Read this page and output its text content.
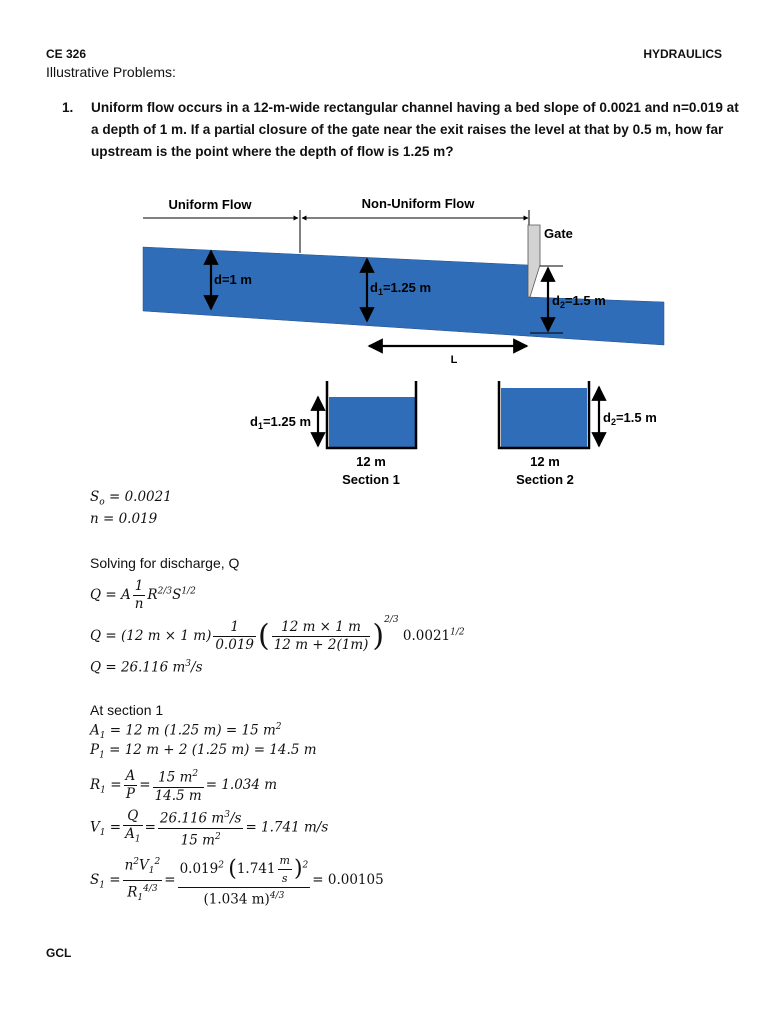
CE 326	HYDRAULICS
Illustrative Problems:
1. Uniform flow occurs in a 12-m-wide rectangular channel having a bed slope of 0.0021 and n=0.019 at
a depth of 1 m. If a partial closure of the gate near the exit raises the level at that by 0.5 m, how far
upstream is the point where the depth of flow is 1.25 m?
Uniform Flow	Non-Uniform Flow
Gate
d=1 m
$d_1=1.25$ m
$d_2=1.5$ m
L
$d_1=1.25$ m
12 m
Section 1
$d_2=1.5$ m
12 m
Section 2
$S_o = 0.0021$
n = 0.019
Solving for discharge, Q
Q = A $\frac{1}{n} R^{2/3}S^{1/2}$
Q = (12 m × 1 $m) \frac{1}{0.019}$ ( $\frac{12 m \times 1 m}{12 m + 2(1m)} )^{2/3}$ $0.0021^{1/2}$
Q = 26.116 $m^3/s$
At section 1
$A_1 = 12$ m (1.25 m) = 15 $m^2$
$P_1 = 12$ m + 2 (1.25 m) = 14.5 m
$R_1 = \frac{A}{P} = \frac{15 m^2}{14.5 m} = 1.034$ m
$V_1 = \frac{Q}{A_1} = \frac{26.116 m^3/s}{15 m^2} = 1.741$ m/s
$S_1 = \frac{n^2V_1^2}{R_1^{4/3}} = \frac{0.019^2 (1.741 \frac{m}{s} )^2}{(1.034 m)^{4/3}} = 0.00105$
GCL
